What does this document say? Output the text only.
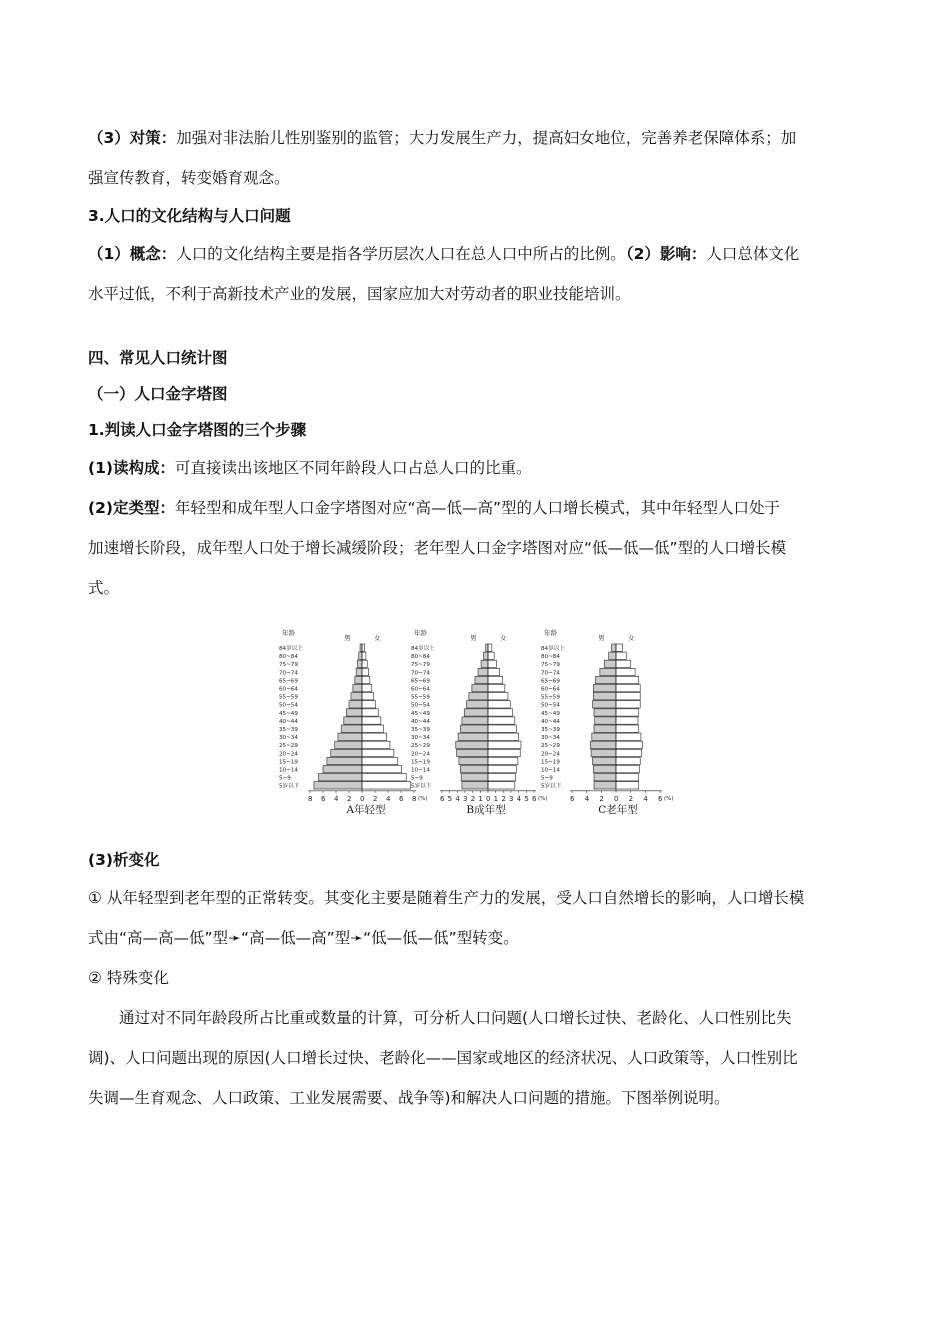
（3）对策：加强对非法胎儿性别鉴别的监管；大力发展生产力，提高妇女地位，完善养老保障体系；加

强宣传教育，转变婚育观念。

3.人口的文化结构与人口问题

（1）概念：人口的文化结构主要是指各学历层次人口在总人口中所占的比例。（2）影响：人口总体文化

水平过低，不利于高新技术产业的发展，国家应加大对劳动者的职业技能培训。

四、常见人口统计图

（一）人口金字塔图

1.判读人口金字塔图的三个步骤

(1)读构成：可直接读出该地区不同年龄段人口占总人口的比重。

(2)定类型：年轻型和成年型人口金字塔图对应“高—低—高”型的人口增长模式，其中年轻型人口处于

加速增长阶段，成年型人口处于增长减缓阶段；老年型人口金字塔图对应“低—低—低”型的人口增长模

式。

年龄
男	女
84岁以上
80~84
75~79
70~74
65~69
60~64
55~59
50~54
45~49
40~44
35~39
30~34
25~29
20~24
15~19
10~14
5~9
5岁以下
8 6 4 2 0 2 4 6 8 (%)
A年轻型
年龄
男	女
84岁以上
80~84
75~79
70~74
65~69
60~64
55~59
50~54
45~49
40~44
35~39
30~34
25~29
20~24
15~19
10~14
5~9
5岁以下
6 5 4 3 2 1 0 1 2 3 4 5 6 (%)
B成年型
年龄
男	女
84岁以上
80~84
75~79
70~74
65~69
60~64
55~59
50~54
45~49
40~44
35~39
30~34
25~29
20~24
15~19
10~14
5~9
5岁以下
6 4 2 0 2 4 6 (%)
C老年型

(3)析变化

① 从年轻型到老年型的正常转变。其变化主要是随着生产力的发展，受人口自然增长的影响，人口增长模

式由“高—高—低”型➛“高—低—高”型➛“低—低—低”型转变。

② 特殊变化

通过对不同年龄段所占比重或数量的计算，可分析人口问题(人口增长过快、老龄化、人口性别比失

调)、人口问题出现的原因(人口增长过快、老龄化——国家或地区的经济状况、人口政策等，人口性别比

失调—生育观念、人口政策、工业发展需要、战争等)和解决人口问题的措施。下图举例说明。
